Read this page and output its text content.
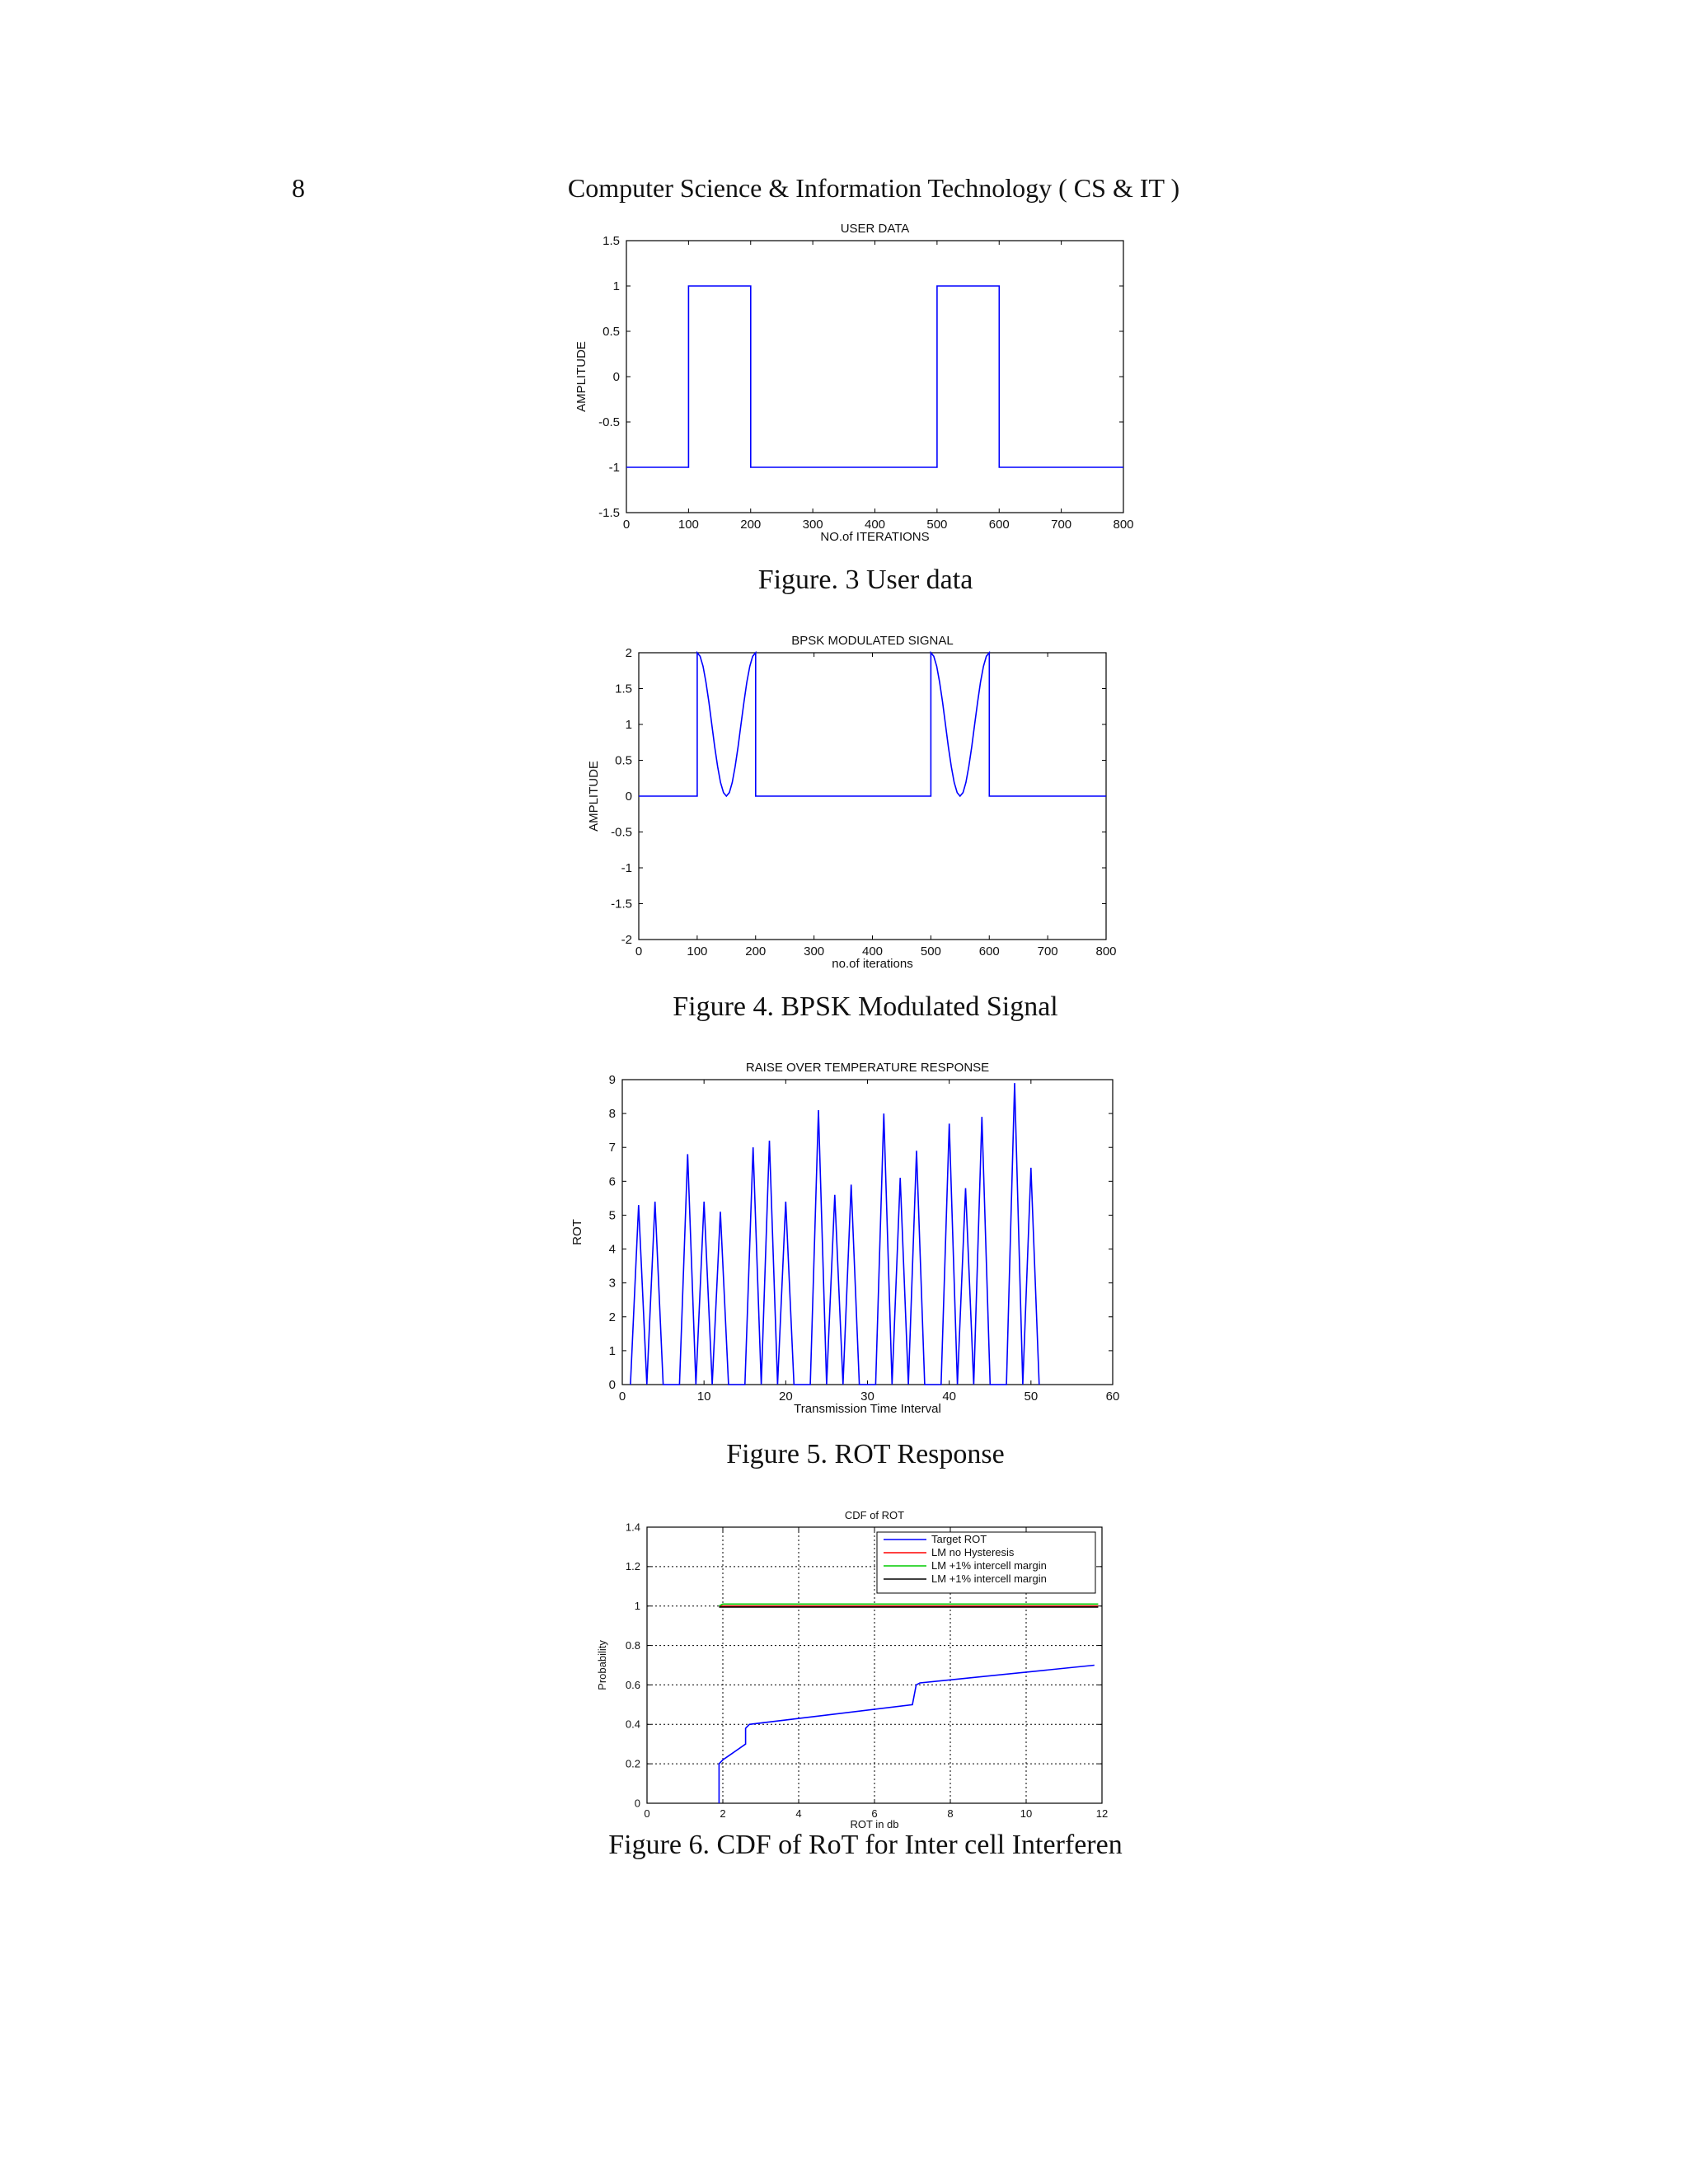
8	Computer Science & Information Technology ( CS & IT )
USER DATA
0	100	200	300	400	500	600	700	800
-1.5
-1
-0.5
0
0.5
1
1.5
NO.of ITERATIONS
AMPLITUDE
Figure. 3 User data
BPSK MODULATED SIGNAL
0	100	200	300	400	500	600	700	800
-2
-1.5
-1
-0.5
0
0.5
1
1.5
2
no.of iterations
AMPLITUDE
Figure 4. BPSK Modulated Signal
RAISE OVER TEMPERATURE RESPONSE
0	10	20	30	40	50	60
0
1
2
3
4
5
6
7
8
9
Transmission Time Interval
ROT
Figure 5. ROT Response
CDF of ROT
0	2	4	6	8	10	12
0
0.2
0.4
0.6
0.8
1
1.2
1.4
ROT in db
Probability
Target ROT
LM no Hysteresis
LM +1% intercell margin
LM +1% intercell margin
Figure 6. CDF of RoT for Inter cell Interferen
